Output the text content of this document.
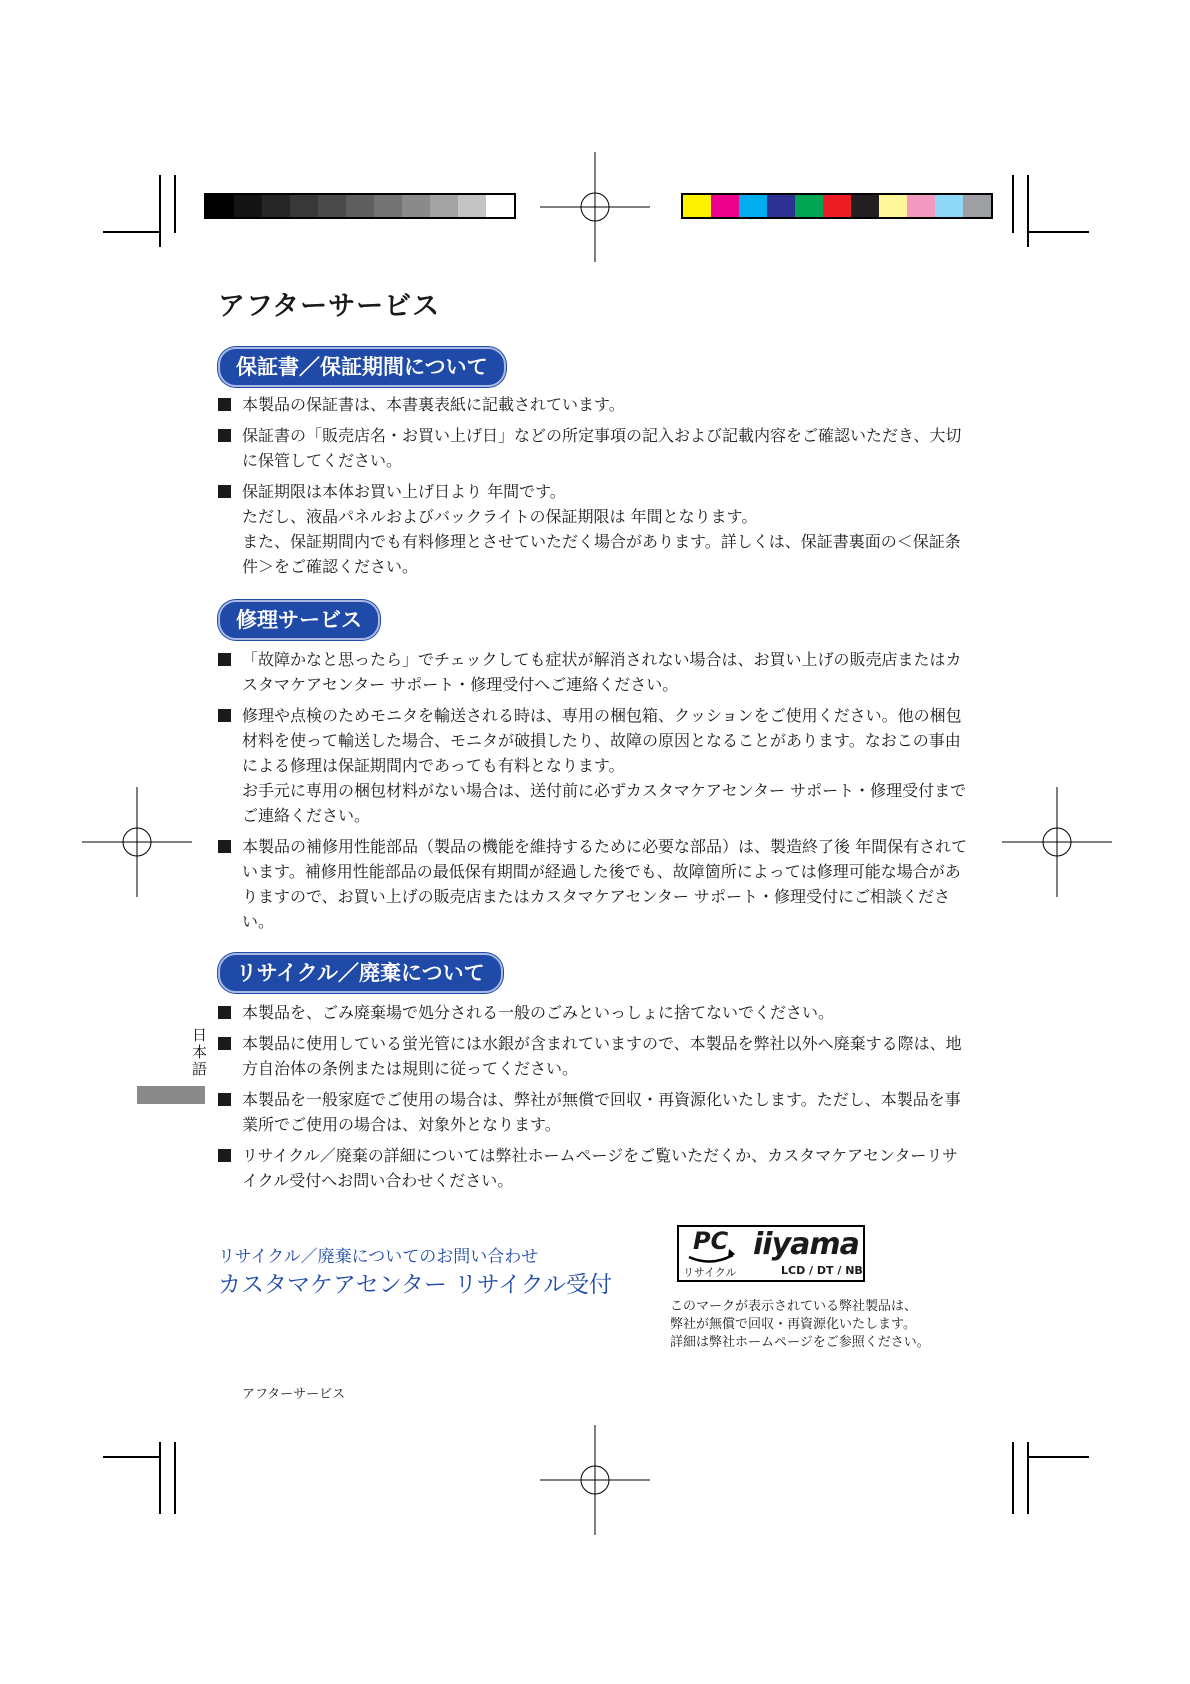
アフターサービス
保証書／保証期間について

本製品の保証書は、本書裏表紙に記載されています。

保証書の「販売店名・お買い上げ日」などの所定事項の記入および記載内容をご確認いただき、大切に保管してください。

保証期限は本体お買い上げ日より 年間です。

ただし、液晶パネルおよびバックライトの保証期限は 年間となります。

また、保証期間内でも有料修理とさせていただく場合があります。詳しくは、保証書裏面の＜保証条件＞をご確認ください。

修理サービス

「故障かなと思ったら」でチェックしても症状が解消されない場合は、お買い上げの販売店またはカスタマケアセンター サポート・修理受付へご連絡ください。

修理や点検のためモニタを輸送される時は、専用の梱包箱、クッションをご使用ください。他の梱包材料を使って輸送した場合、モニタが破損したり、故障の原因となることがあります。なおこの事由による修理は保証期間内であっても有料となります。

お手元に専用の梱包材料がない場合は、送付前に必ずカスタマケアセンター サポート・修理受付までご連絡ください。

本製品の補修用性能部品（製品の機能を維持するために必要な部品）は、製造終了後 年間保有されています。補修用性能部品の最低保有期間が経過した後でも、故障箇所によっては修理可能な場合がありますので、お買い上げの販売店またはカスタマケアセンター サポート・修理受付にご相談ください。

リサイクル／廃棄について

本製品を、ごみ廃棄場で処分される一般のごみといっしょに捨てないでください。

本製品に使用している蛍光管には水銀が含まれていますので、本製品を弊社以外へ廃棄する際は、地方自治体の条例または規則に従ってください。

本製品を一般家庭でご使用の場合は、弊社が無償で回収・再資源化いたします。ただし、本製品を事業所でご使用の場合は、対象外となります。

リサイクル／廃棄の詳細については弊社ホームページをご覧いただくか、カスタマケアセンターリサイクル受付へお問い合わせください。

日本語
リサイクル／廃棄についてのお問い合わせ
カスタマケアセンター リサイクル受付
PC
リサイクル
iiyama
LCD / DT / NB
このマークが表示されている弊社製品は、
弊社が無償で回収・再資源化いたします。
詳細は弊社ホームページをご参照ください。
アフターサービス
